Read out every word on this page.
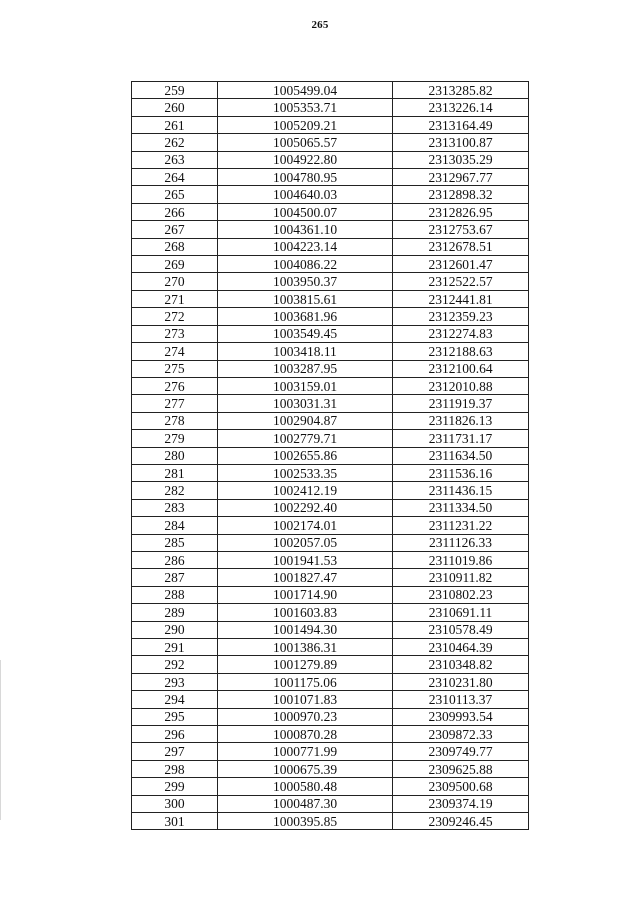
265
259	1005499.04	2313285.82
260	1005353.71	2313226.14
261	1005209.21	2313164.49
262	1005065.57	2313100.87
263	1004922.80	2313035.29
264	1004780.95	2312967.77
265	1004640.03	2312898.32
266	1004500.07	2312826.95
267	1004361.10	2312753.67
268	1004223.14	2312678.51
269	1004086.22	2312601.47
270	1003950.37	2312522.57
271	1003815.61	2312441.81
272	1003681.96	2312359.23
273	1003549.45	2312274.83
274	1003418.11	2312188.63
275	1003287.95	2312100.64
276	1003159.01	2312010.88
277	1003031.31	2311919.37
278	1002904.87	2311826.13
279	1002779.71	2311731.17
280	1002655.86	2311634.50
281	1002533.35	2311536.16
282	1002412.19	2311436.15
283	1002292.40	2311334.50
284	1002174.01	2311231.22
285	1002057.05	2311126.33
286	1001941.53	2311019.86
287	1001827.47	2310911.82
288	1001714.90	2310802.23
289	1001603.83	2310691.11
290	1001494.30	2310578.49
291	1001386.31	2310464.39
292	1001279.89	2310348.82
293	1001175.06	2310231.80
294	1001071.83	2310113.37
295	1000970.23	2309993.54
296	1000870.28	2309872.33
297	1000771.99	2309749.77
298	1000675.39	2309625.88
299	1000580.48	2309500.68
300	1000487.30	2309374.19
301	1000395.85	2309246.45
